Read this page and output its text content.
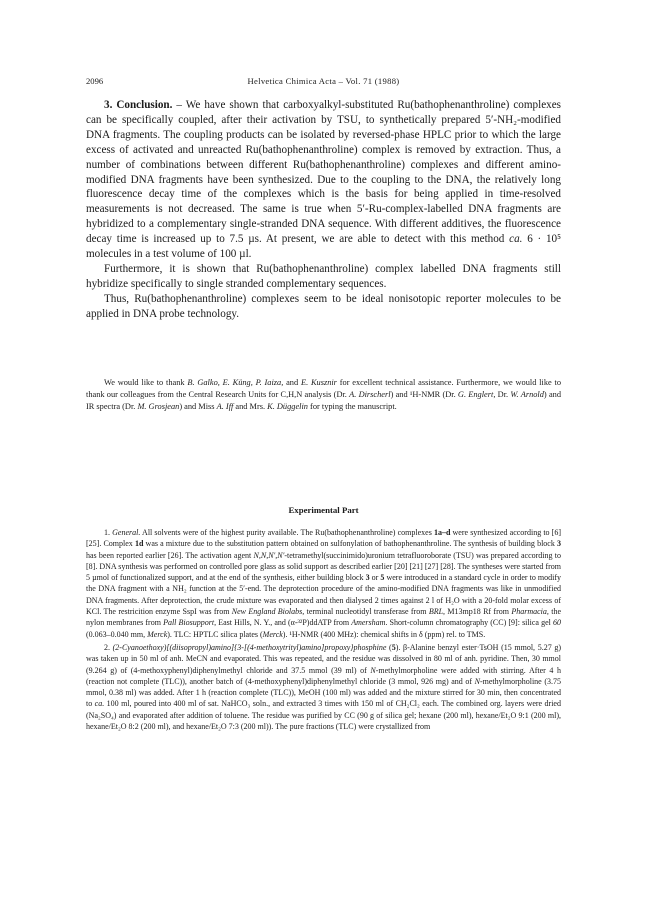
2096	Helvetica Chimica Acta – Vol. 71 (1988)

3. Conclusion. – We have shown that carboxyalkyl-substituted Ru(bathophenanthroline) complexes can be specifically coupled, after their activation by TSU, to synthetically prepared 5′-NH₂-modified DNA fragments. The coupling products can be isolated by reversed-phase HPLC prior to which the large excess of activated and unreacted Ru(bathophenanthroline) complex is removed by extraction. Thus, a number of combinations between different Ru(bathophenanthroline) complexes and different amino-modified DNA fragments have been synthesized. Due to the coupling to the DNA, the relatively long fluorescence decay time of the complexes which is the basis for being applied in time-resolved measurements is not decreased. The same is true when 5′-Ru-complex-labelled DNA fragments are hybridized to a complementary single-stranded DNA sequence. With different additives, the fluorescence decay time is increased up to 7.5 µs. At present, we are able to detect with this method ca. 6 · 10⁵ molecules in a test volume of 100 µl.

Furthermore, it is shown that Ru(bathophenanthroline) complex labelled DNA fragments still hybridize specifically to single stranded complementary sequences.

Thus, Ru(bathophenanthroline) complexes seem to be ideal nonisotopic reporter molecules to be applied in DNA probe technology.

We would like to thank B. Galko, E. Küng, P. Iaiza, and E. Kusznir for excellent technical assistance. Furthermore, we would like to thank our colleagues from the Central Research Units for C,H,N analysis (Dr. A. Dirscherl) and ¹H-NMR (Dr. G. Englert, Dr. W. Arnold) and IR spectra (Dr. M. Grosjean) and Miss A. Iff and Mrs. K. Düggelin for typing the manuscript.

Experimental Part

1. General. All solvents were of the highest purity available. The Ru(bathophenanthroline) complexes 1a–d were synthesized according to [6] [25]. Complex 1d was a mixture due to the substitution pattern obtained on sulfonylation of bathophenanthroline. The synthesis of building block 3 has been reported earlier [26]. The activation agent N,N,N′,N′-tetramethyl(succinimido)uronium tetrafluoroborate (TSU) was prepared according to [8]. DNA synthesis was performed on controlled pore glass as solid support as described earlier [20] [21] [27] [28]. The syntheses were started from 5 µmol of functionalized support, and at the end of the synthesis, either building block 3 or 5 were introduced in a standard cycle in order to modify the DNA fragment with a NH₂ function at the 5′-end. The deprotection procedure of the amino-modified DNA fragments was like in unmodified DNA fragments. After deprotection, the crude mixture was evaporated and then dialysed 2 times against 2 l of H₂O with a 20-fold molar excess of KCl. The restricition enzyme SspI was from New England Biolabs, terminal nucleotidyl transferase from BRL, M13mp18 Rf from Pharmacia, the nylon membranes from Pall Biosupport, East Hills, N. Y., and (α-³²P)ddATP from Amersham. Short-column chromatography (CC) [9]: silica gel 60 (0.063–0.040 mm, Merck). TLC: HPTLC silica plates (Merck). ¹H-NMR (400 MHz): chemical shifts in δ (ppm) rel. to TMS.

2. (2-Cyanoethoxy)[(diisopropyl)amino]{3-[(4-methoxytrityl)amino]propoxy}phosphine (5). β-Alanine benzyl ester·TsOH (15 mmol, 5.27 g) was taken up in 50 ml of anh. MeCN and evaporated. This was repeated, and the residue was dissolved in 80 ml of anh. pyridine. Then, 30 mmol (9.264 g) of (4-methoxyphenyl)diphenylmethyl chloride and 37.5 mmol (39 ml) of N-methylmorpholine were added with stirring. After 4 h (reaction not complete (TLC)), another batch of (4-methoxyphenyl)diphenylmethyl chloride (3 mmol, 926 mg) and of N-methylmorpholine (3.75 mmol, 0.38 ml) was added. After 1 h (reaction complete (TLC)), MeOH (100 ml) was added and the mixture stirred for 30 min, then concentrated to ca. 100 ml, poured into 400 ml of sat. NaHCO₃ soln., and extracted 3 times with 150 ml of CH₂Cl₂ each. The combined org. layers were dried (Na₂SO₄) and evaporated after addition of toluene. The residue was purified by CC (90 g of silica gel; hexane (200 ml), hexane/Et₂O 9:1 (200 ml), hexane/Et₂O 8:2 (200 ml), and hexane/Et₂O 7:3 (200 ml)). The pure fractions (TLC) were crystallized from
